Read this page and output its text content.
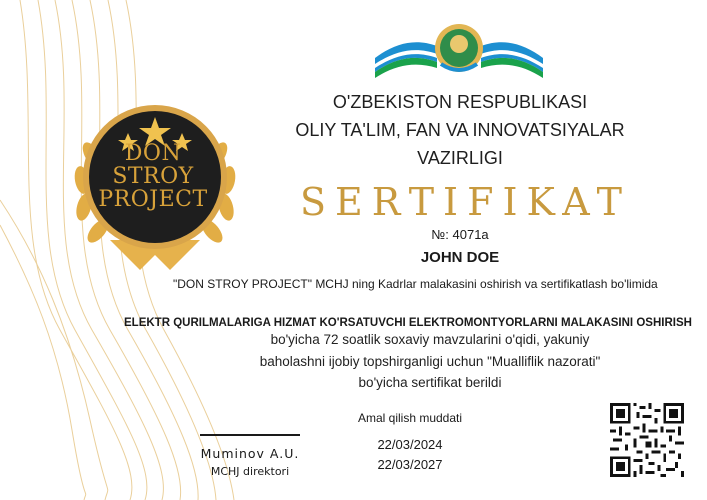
DON
STROY
PROJECT
O'ZBEKISTON RESPUBLIKASI
OLIY TA'LIM, FAN VA INNOVATSIYALAR
VAZIRLIGI
SERTIFIKAT
№: 4071a
JOHN DOE
"DON STROY PROJECT" MCHJ ning Kadrlar malakasini oshirish va sertifikatlash bo'limida
ELEKTR QURILMALARIGA HIZMAT KO'RSATUVCHI ELEKTROMONTYORLARNI MALAKASINI OSHIRISH
bo'yicha 72 soatlik soxaviy mavzularini o'qidi, yakuniy
baholashni ijobiy topshirganligi uchun "Mualliflik nazorati"
bo'yicha sertifikat berildi
Amal qilish muddati
22/03/2024
22/03/2027
Muminov A.U.
MCHJ direktori
